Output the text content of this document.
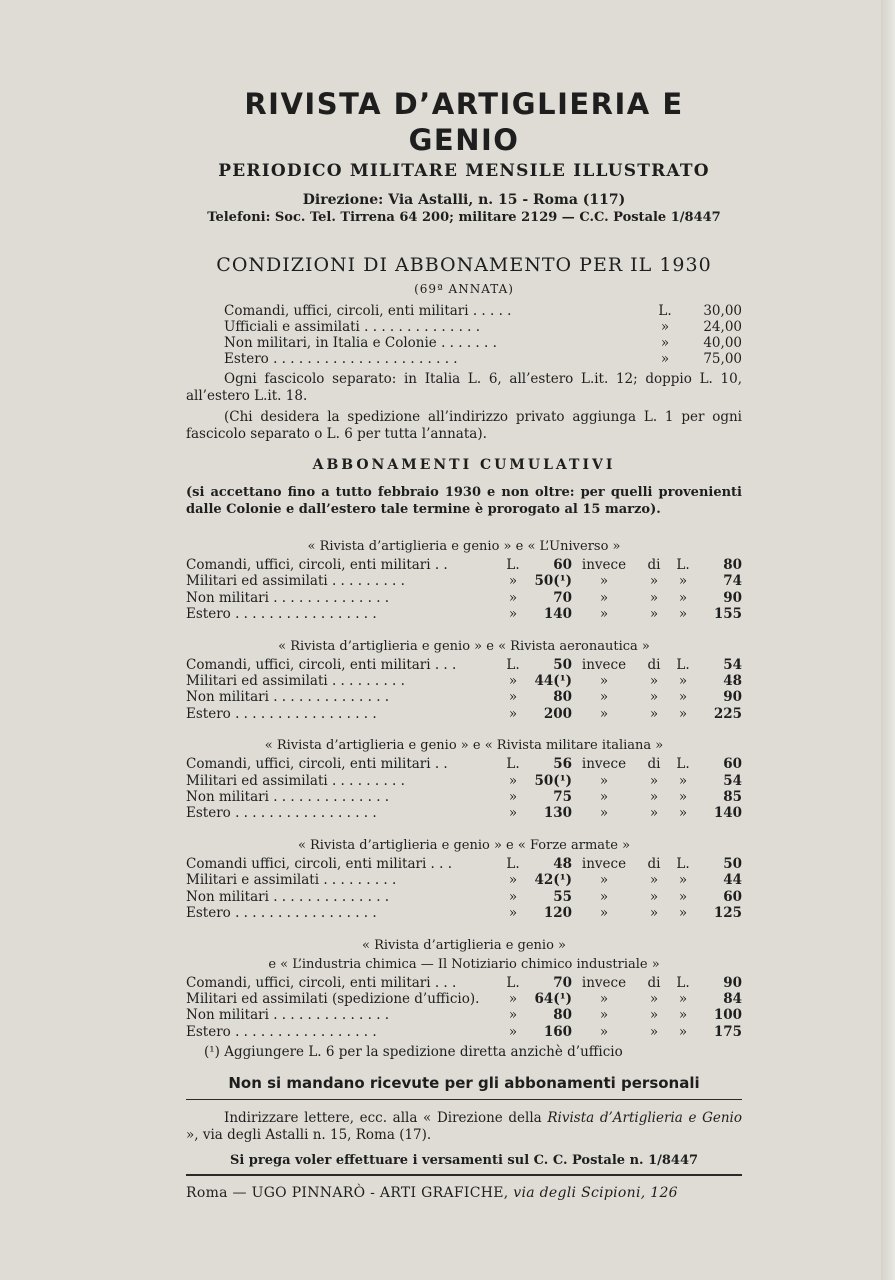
RIVISTA D’ARTIGLIERIA E GENIO
PERIODICO MILITARE MENSILE ILLUSTRATO
Direzione: Via Astalli, n. 15 - Roma (117)
Telefoni: Soc. Tel. Tirrena 64 200; militare 2129 — C.C. Postale 1/8447
CONDIZIONI DI ABBONAMENTO PER IL 1930
(69ª ANNATA)
Comandi, uffici, circoli, enti militari . . . . .	L.	30,00
Ufficiali e assimilati . . . . . . . . . . . . . .	»	24,00
Non militari, in Italia e Colonie . . . . . . .	»	40,00
Estero . . . . . . . . . . . . . . . . . . . . . .	»	75,00
Ogni fascicolo separato: in Italia L. 6, all’estero L.it. 12; doppio L. 10, all’estero L.it. 18.
(Chi desidera la spedizione all’indirizzo privato aggiunga L. 1 per ogni fascicolo separato o L. 6 per tutta l’annata).
ABBONAMENTI CUMULATIVI
(si accettano fino a tutto febbraio 1930 e non oltre: per quelli provenienti dalle Colonie e dall’estero tale termine è prorogato al 15 marzo).
« Rivista d’artiglieria e genio » e « L’Universo »
Comandi, uffici, circoli, enti militari . .	L.	60 invece	di	L.	80
Militari ed assimilati . . . . . . . . .	»	50(¹)	»	»	»	74
Non militari . . . . . . . . . . . . . .	»	70	»	»	»	90
Estero . . . . . . . . . . . . . . . . .	»	140	»	»	»	155
« Rivista d’artiglieria e genio » e « Rivista aeronautica »
Comandi, uffici, circoli, enti militari . . .	L.	50 invece	di	L.	54
Militari ed assimilati . . . . . . . . .	»	44(¹)	»	»	»	48
Non militari . . . . . . . . . . . . . .	»	80	»	»	»	90
Estero . . . . . . . . . . . . . . . . .	»	200	»	»	»	225
« Rivista d’artiglieria e genio » e « Rivista militare italiana »
Comandi, uffici, circoli, enti militari . .	L.	56 invece	di	L.	60
Militari ed assimilati . . . . . . . . .	»	50(¹)	»	»	»	54
Non militari . . . . . . . . . . . . . .	»	75	»	»	»	85
Estero . . . . . . . . . . . . . . . . .	»	130	»	»	»	140
« Rivista d’artiglieria e genio » e « Forze armate »
Comandi uffici, circoli, enti militari . . .	L.	48 invece	di	L.	50
Militari e assimilati . . . . . . . . .	»	42(¹)	»	»	»	44
Non militari . . . . . . . . . . . . . .	»	55	»	»	»	60
Estero . . . . . . . . . . . . . . . . .	»	120	»	»	»	125
« Rivista d’artiglieria e genio »
e « L’industria chimica — Il Notiziario chimico industriale »
Comandi, uffici, circoli, enti militari . . .	L.	70 invece	di	L.	90
Militari ed assimilati (spedizione d’ufficio).	»	64(¹)	»	»	»	84
Non militari . . . . . . . . . . . . . .	»	80	»	»	»	100
Estero . . . . . . . . . . . . . . . . .	»	160	»	»	»	175
(¹) Aggiungere L. 6 per la spedizione diretta anzichè d’ufficio
Non si mandano ricevute per gli abbonamenti personali
Indirizzare lettere, ecc. alla « Direzione della Rivista d’Artiglieria e Genio », via degli Astalli n. 15, Roma (17).
Si prega voler effettuare i versamenti sul C. C. Postale n. 1/8447
Roma — UGO PINNARÒ - ARTI GRAFICHE, via degli Scipioni, 126
